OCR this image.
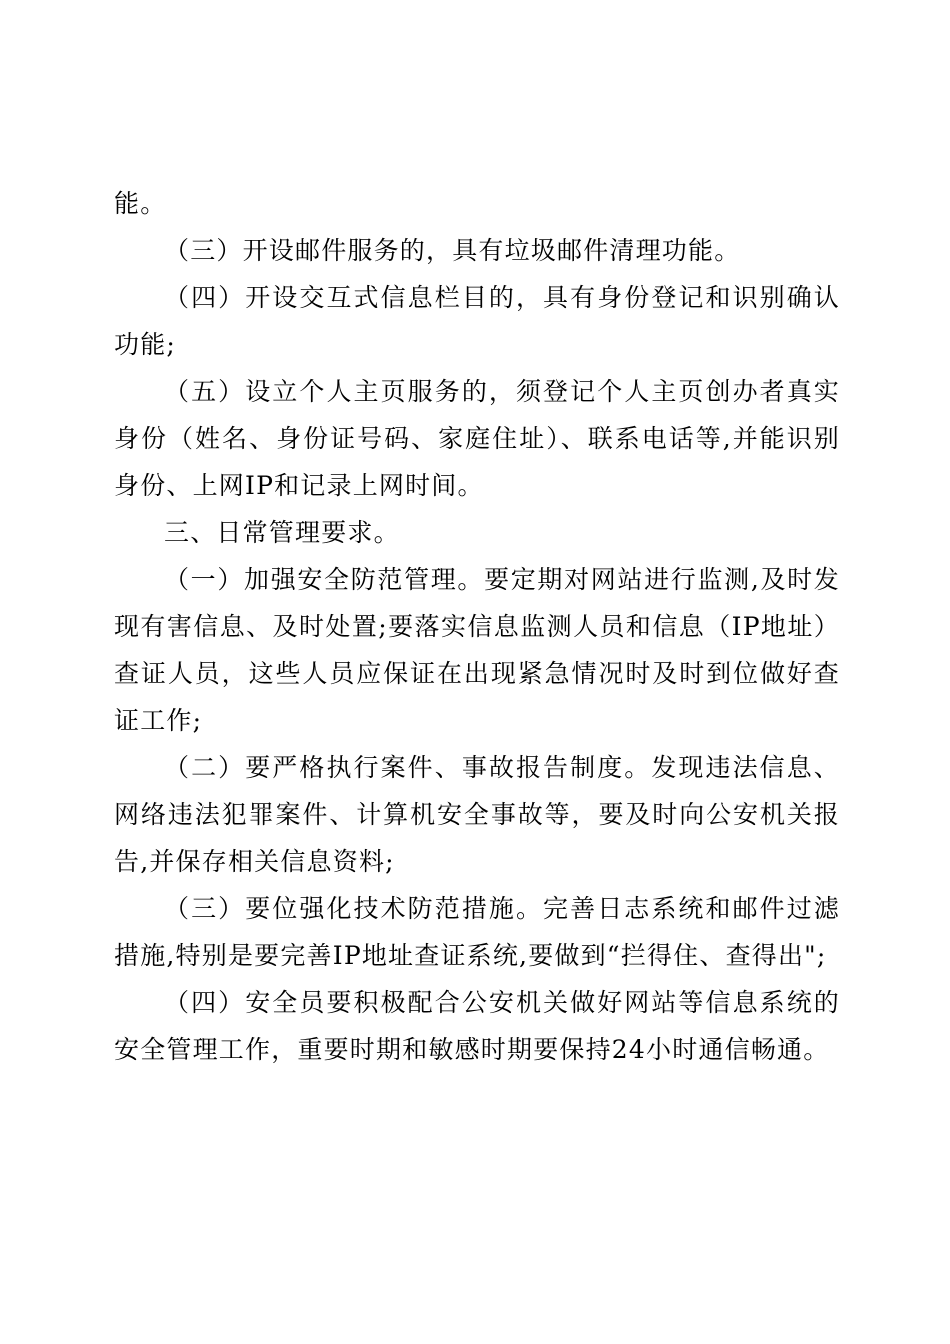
能。

（三）开设邮件服务的，具有垃圾邮件清理功能。

（四）开设交互式信息栏目的，具有身份登记和识别确认功能;

（五）设立个人主页服务的，须登记个人主页创办者真实身份（姓名、身份证号码、家庭住址）、联系电话等,并能识别身份、上网IP和记录上网时间。

三、日常管理要求。

（一）加强安全防范管理。要定期对网站进行监测,及时发现有害信息、及时处置;要落实信息监测人员和信息（IP地址）查证人员，这些人员应保证在出现紧急情况时及时到位做好查证工作;

（二）要严格执行案件、事故报告制度。发现违法信息、网络违法犯罪案件、计算机安全事故等，要及时向公安机关报告,并保存相关信息资料;

（三）要位强化技术防范措施。完善日志系统和邮件过滤措施,特别是要完善IP地址查证系统,要做到“拦得住、查得出";

（四）安全员要积极配合公安机关做好网站等信息系统的安全管理工作，重要时期和敏感时期要保持24小时通信畅通。
